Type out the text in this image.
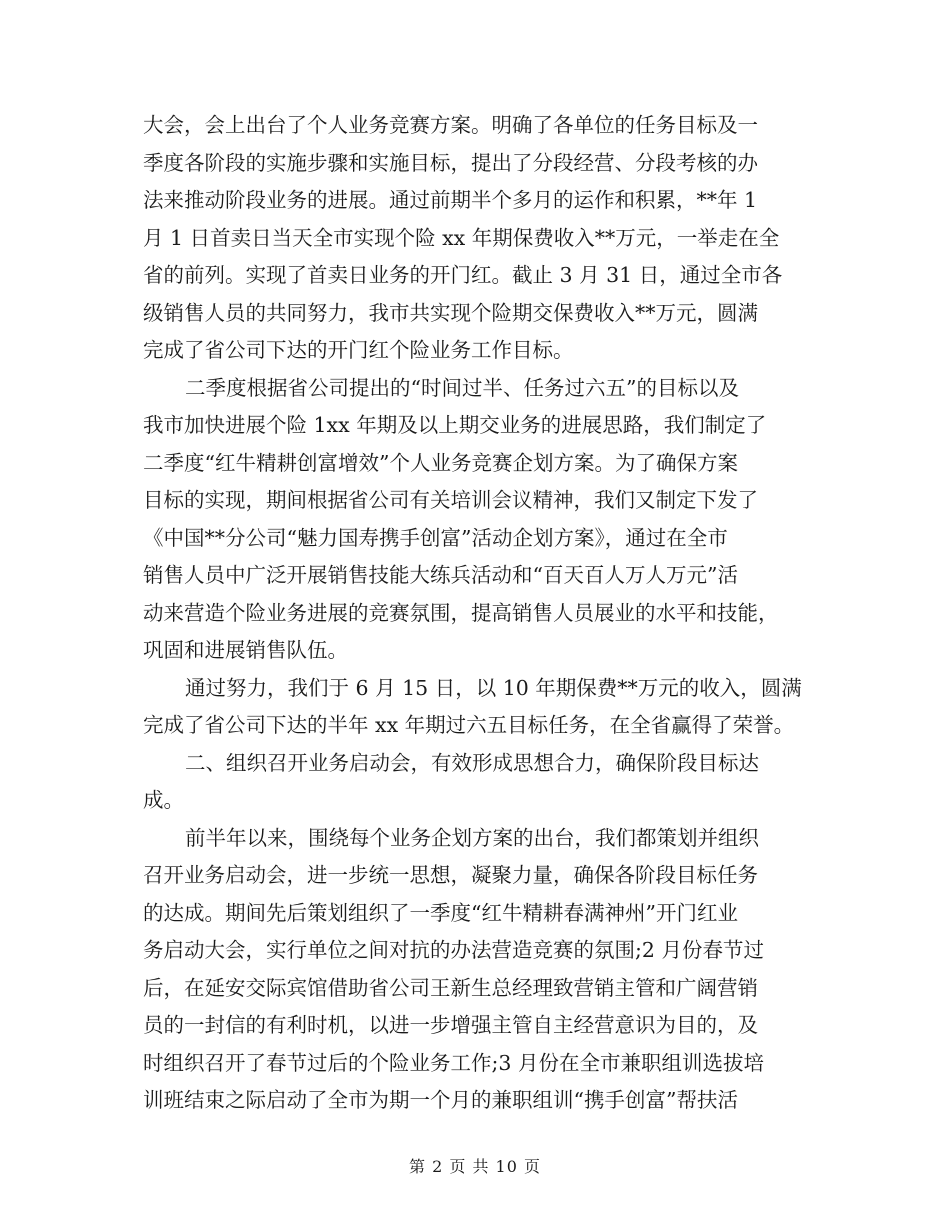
大会，会上出台了个人业务竞赛方案。明确了各单位的任务目标及一
季度各阶段的实施步骤和实施目标，提出了分段经营、分段考核的办
法来推动阶段业务的进展。通过前期半个多月的运作和积累，**年 1
月 1 日首卖日当天全市实现个险 xx 年期保费收入**万元，一举走在全
省的前列。实现了首卖日业务的开门红。截止 3 月 31 日，通过全市各
级销售人员的共同努力，我市共实现个险期交保费收入**万元，圆满
完成了省公司下达的开门红个险业务工作目标。
二季度根据省公司提出的“时间过半、任务过六五”的目标以及
我市加快进展个险 1xx 年期及以上期交业务的进展思路，我们制定了
二季度“红牛精耕创富增效”个人业务竞赛企划方案。为了确保方案
目标的实现，期间根据省公司有关培训会议精神，我们又制定下发了
《中国**分公司“魅力国寿携手创富”活动企划方案》，通过在全市
销售人员中广泛开展销售技能大练兵活动和“百天百人万人万元”活
动来营造个险业务进展的竞赛氛围，提高销售人员展业的水平和技能，
巩固和进展销售队伍。
通过努力，我们于 6 月 15 日，以 10 年期保费**万元的收入，圆满
完成了省公司下达的半年 xx 年期过六五目标任务，在全省赢得了荣誉。
二、组织召开业务启动会，有效形成思想合力，确保阶段目标达
成。
前半年以来，围绕每个业务企划方案的出台，我们都策划并组织
召开业务启动会，进一步统一思想，凝聚力量，确保各阶段目标任务
的达成。期间先后策划组织了一季度“红牛精耕春满神州”开门红业
务启动大会，实行单位之间对抗的办法营造竞赛的氛围;2 月份春节过
后，在延安交际宾馆借助省公司王新生总经理致营销主管和广阔营销
员的一封信的有利时机，以进一步增强主管自主经营意识为目的，及
时组织召开了春节过后的个险业务工作;3 月份在全市兼职组训选拔培
训班结束之际启动了全市为期一个月的兼职组训“携手创富”帮扶活
第 2 页 共 10 页
